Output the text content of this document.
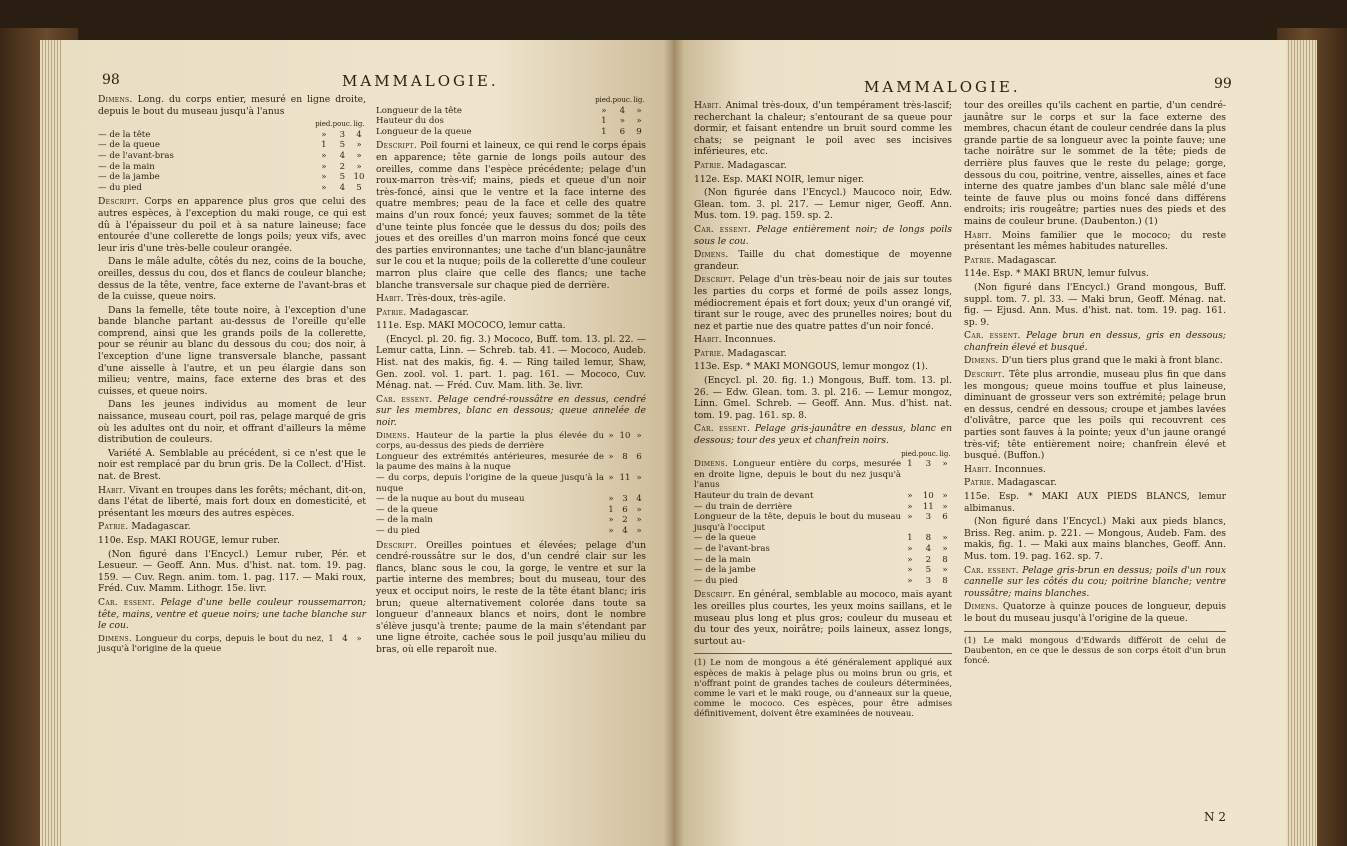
98	MAMMALOGIE.

Dimens. Long. du corps entier, mesuré en ligne droite, depuis le bout du museau jusqu'à l'anus

	pied.	pouc.	lig.
— de la tête	»	3	4
— de la queue	1	5	»
— de l'avant-bras	»	4	»
— de la main	»	2	»
— de la jambe	»	5	10
— du pied	»	4	5

Descript. Corps en apparence plus gros que celui des autres espèces, à l'exception du maki rouge, ce qui est dû à l'épaisseur du poil et à sa nature laineuse; face entourée d'une collerette de longs poils; yeux vifs, avec leur iris d'une très-belle couleur orangée.

Dans le mâle adulte, côtés du nez, coins de la bouche, oreilles, dessus du cou, dos et flancs de couleur blanche; dessus de la tête, ventre, face externe de l'avant-bras et de la cuisse, queue noirs.

Dans la femelle, tête toute noire, à l'exception d'une bande blanche partant au-dessus de l'oreille qu'elle comprend, ainsi que les grands poils de la collerette, pour se réunir au blanc du dessous du cou; dos noir, à l'exception d'une ligne transversale blanche, passant d'une aisselle à l'autre, et un peu élargie dans son milieu; ventre, mains, face externe des bras et des cuisses, et queue noirs.

Dans les jeunes individus au moment de leur naissance, museau court, poil ras, pelage marqué de gris où les adultes ont du noir, et offrant d'ailleurs la même distribution de couleurs.

Variété A. Semblable au précédent, si ce n'est que le noir est remplacé par du brun gris. De la Collect. d'Hist. nat. de Brest.

Habit. Vivant en troupes dans les forêts; méchant, dit-on, dans l'état de liberté, mais fort doux en domesticité, et présentant les mœurs des autres espèces.

Patrie. Madagascar.

110e. Esp. MAKI ROUGE, lemur ruber.

(Non figuré dans l'Encycl.) Lemur ruber, Pér. et Lesueur. — Geoff. Ann. Mus. d'hist. nat. tom. 19. pag. 159. — Cuv. Regn. anim. tom. 1. pag. 117. — Maki roux, Fréd. Cuv. Mamm. Lithogr. 15e. livr.

Car. essent. Pelage d'une belle couleur roussemarron; tête, mains, ventre et queue noirs; une tache blanche sur le cou.

Dimens. Longueur du corps, depuis le bout du nez, jusqu'à l'origine de la queue	1	4	»
	pied.	pouc.	lig.
Longueur de la tête	»	4	»
Hauteur du dos	1	»	»
Longueur de la queue	1	6	9

Descript. Poil fourni et laineux, ce qui rend le corps épais en apparence; tête garnie de longs poils autour des oreilles, comme dans l'espèce précédente; pelage d'un roux-marron très-vif; mains, pieds et queue d'un noir très-foncé, ainsi que le ventre et la face interne des quatre membres; peau de la face et celle des quatre mains d'un roux foncé; yeux fauves; sommet de la tête d'une teinte plus foncée que le dessus du dos; poils des joues et des oreilles d'un marron moins foncé que ceux des parties environnantes; une tache d'un blanc-jaunâtre sur le cou et la nuque; poils de la collerette d'une couleur marron plus claire que celle des flancs; une tache blanche transversale sur chaque pied de derrière.

Habit. Très-doux, très-agile.

Patrie. Madagascar.

111e. Esp. MAKI MOCOCO, lemur catta.

(Encycl. pl. 20. fig. 3.) Mococo, Buff. tom. 13. pl. 22. — Lemur catta, Linn. — Schreb. tab. 41. — Mococo, Audeb. Hist. nat des makis, fig. 4. — Ring tailed lemur, Shaw, Gen. zool. vol. 1. part. 1. pag. 161. — Mococo, Cuv. Ménag. nat. — Fréd. Cuv. Mam. lith. 3e. livr.

Car. essent. Pelage cendré-roussâtre en dessus, cendré sur les membres, blanc en dessous; queue annelée de noir.

Dimens. Hauteur de la partie la plus élevée du corps, au-dessus des pieds de derrière	»	10	»
Longueur des extrémités antérieures, mesurée de la paume des mains à la nuque	»	8	6
— du corps, depuis l'origine de la queue jusqu'à la nuque	»	11	»
— de la nuque au bout du museau	»	3	4
— de la queue	1	6	»
— de la main	»	2	»
— du pied	»	4	»

Descript. Oreilles pointues et élevées; pelage d'un cendré-roussâtre sur le dos, d'un cendré clair sur les flancs, blanc sous le cou, la gorge, le ventre et sur la partie interne des membres; bout du museau, tour des yeux et occiput noirs, le reste de la tête étant blanc; iris brun; queue alternativement colorée dans toute sa longueur d'anneaux blancs et noirs, dont le nombre s'élève jusqu'à trente; paume de la main s'étendant par une ligne étroite, cachée sous le poil jusqu'au milieu du bras, où elle reparoît nue.

MAMMALOGIE.	99

Habit. Animal très-doux, d'un tempérament très-lascif; recherchant la chaleur; s'entourant de sa queue pour dormir, et faisant entendre un bruit sourd comme les chats; se peignant le poil avec ses incisives inférieures, etc.

Patrie. Madagascar.

112e. Esp. MAKI NOIR, lemur niger.

(Non figurée dans l'Encycl.) Maucoco noir, Edw. Glean. tom. 3. pl. 217. — Lemur niger, Geoff. Ann. Mus. tom. 19. pag. 159. sp. 2.

Car. essent. Pelage entièrement noir; de longs poils sous le cou.

Dimens. Taille du chat domestique de moyenne grandeur.

Descript. Pelage d'un très-beau noir de jais sur toutes les parties du corps et formé de poils assez longs, médiocrement épais et fort doux; yeux d'un orangé vif, tirant sur le rouge, avec des prunelles noires; bout du nez et partie nue des quatre pattes d'un noir foncé.

Habit. Inconnues.

Patrie. Madagascar.

113e. Esp. * MAKI MONGOUS, lemur mongoz (1).

(Encycl. pl. 20. fig. 1.) Mongous, Buff. tom. 13. pl. 26. — Edw. Glean. tom. 3. pl. 216. — Lemur mongoz, Linn. Gmel. Schreb. — Geoff. Ann. Mus. d'hist. nat. tom. 19. pag. 161. sp. 8.

Car. essent. Pelage gris-jaunâtre en dessus, blanc en dessous; tour des yeux et chanfrein noirs.

	pied.	pouc.	lig.
Dimens. Longueur entière du corps, mesurée en droite ligne, depuis le bout du nez jusqu'à l'anus	1	3	»
Hauteur du train de devant	»	10	»
— du train de derrière	»	11	»
Longueur de la tête, depuis le bout du museau jusqu'à l'occiput	»	3	6
— de la queue	1	8	»
— de l'avant-bras	»	4	»
— de la main	»	2	8
— de la jambe	»	5	»
— du pied	»	3	8

Descript. En général, semblable au mococo, mais ayant les oreilles plus courtes, les yeux moins saillans, et le museau plus long et plus gros; couleur du museau et du tour des yeux, noirâtre; poils laineux, assez longs, surtout au-

(1) Le nom de mongous a été généralement appliqué aux espèces de makis à pelage plus ou moins brun ou gris, et n'offrant point de grandes taches de couleurs déterminées, comme le vari et le maki rouge, ou d'anneaux sur la queue, comme le mococo. Ces espèces, pour être admises définitivement, doivent être examinées de nouveau.

tour des oreilles qu'ils cachent en partie, d'un cendré-jaunâtre sur le corps et sur la face externe des membres, chacun étant de couleur cendrée dans la plus grande partie de sa longueur avec la pointe fauve; une tache noirâtre sur le sommet de la tête; pieds de derrière plus fauves que le reste du pelage; gorge, dessous du cou, poitrine, ventre, aisselles, aines et face interne des quatre jambes d'un blanc sale mêlé d'une teinte de fauve plus ou moins foncé dans différens endroits; iris rougeâtre; parties nues des pieds et des mains de couleur brune. (Daubenton.) (1)

Habit. Moins familier que le mococo; du reste présentant les mêmes habitudes naturelles.

Patrie. Madagascar.

114e. Esp. * MAKI BRUN, lemur fulvus.

(Non figuré dans l'Encycl.) Grand mongous, Buff. suppl. tom. 7. pl. 33. — Maki brun, Geoff. Ménag. nat. fig. — Ejusd. Ann. Mus. d'hist. nat. tom. 19. pag. 161. sp. 9.

Car. essent. Pelage brun en dessus, gris en dessous; chanfrein élevé et busqué.

Dimens. D'un tiers plus grand que le maki à front blanc.

Descript. Tête plus arrondie, museau plus fin que dans les mongous; queue moins touffue et plus laineuse, diminuant de grosseur vers son extrémité; pelage brun en dessus, cendré en dessous; croupe et jambes lavées d'olivâtre, parce que les poils qui recouvrent ces parties sont fauves à la pointe; yeux d'un jaune orangé très-vif; tête entièrement noire; chanfrein élevé et busqué. (Buffon.)

Habit. Inconnues.

Patrie. Madagascar.

115e. Esp. * MAKI AUX PIEDS BLANCS, lemur albimanus.

(Non figuré dans l'Encycl.) Maki aux pieds blancs, Briss. Reg. anim. p. 221. — Mongous, Audeb. Fam. des makis, fig. 1. — Maki aux mains blanches, Geoff. Ann. Mus. tom. 19. pag. 162. sp. 7.

Car. essent. Pelage gris-brun en dessus; poils d'un roux cannelle sur les côtés du cou; poitrine blanche; ventre roussâtre; mains blanches.

Dimens. Quatorze à quinze pouces de longueur, depuis le bout du museau jusqu'à l'origine de la queue.

(1) Le maki mongous d'Edwards différoit de celui de Daubenton, en ce que le dessus de son corps étoit d'un brun foncé.
N 2
